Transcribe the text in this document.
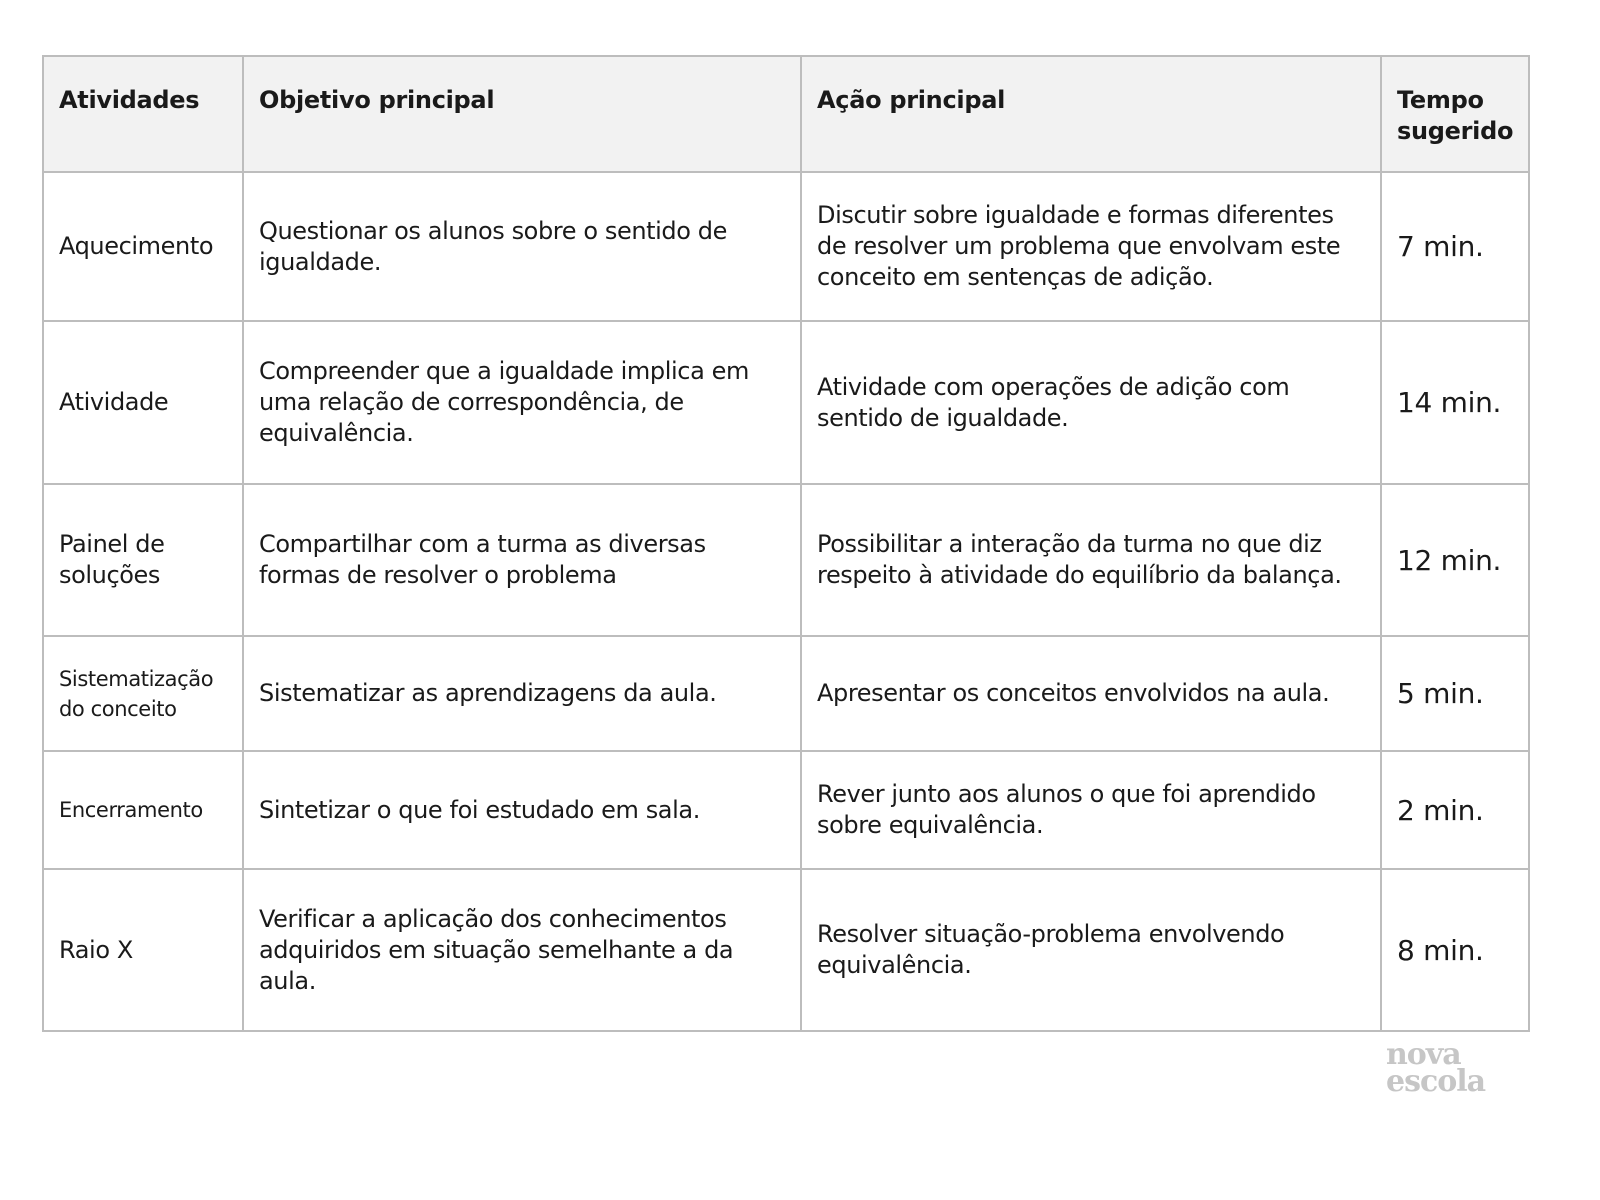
Atividades	Objetivo principal	Ação principal	Tempo sugerido
Aquecimento	Questionar os alunos sobre o sentido de igualdade.	Discutir sobre igualdade e formas diferentes de resolver um problema que envolvam este conceito em sentenças de adição.	7 min.
Atividade	Compreender que a igualdade implica em uma relação de correspondência, de equivalência.	Atividade com operações de adição com sentido de igualdade.	14 min.
Painel de soluções	Compartilhar com a turma as diversas formas de resolver o problema	Possibilitar a interação da turma no que diz respeito à atividade do equilíbrio da balança.	12 min.
Sistematização do conceito	Sistematizar as aprendizagens da aula.	Apresentar os conceitos envolvidos na aula.	5 min.
Encerramento	Sintetizar o que foi estudado em sala.	Rever junto aos alunos o que foi aprendido sobre equivalência.	2 min.
Raio X	Verificar a aplicação dos conhecimentos adquiridos em situação semelhante a da aula.	Resolver situação-problema envolvendo equivalência.	8 min.
nova
escola
